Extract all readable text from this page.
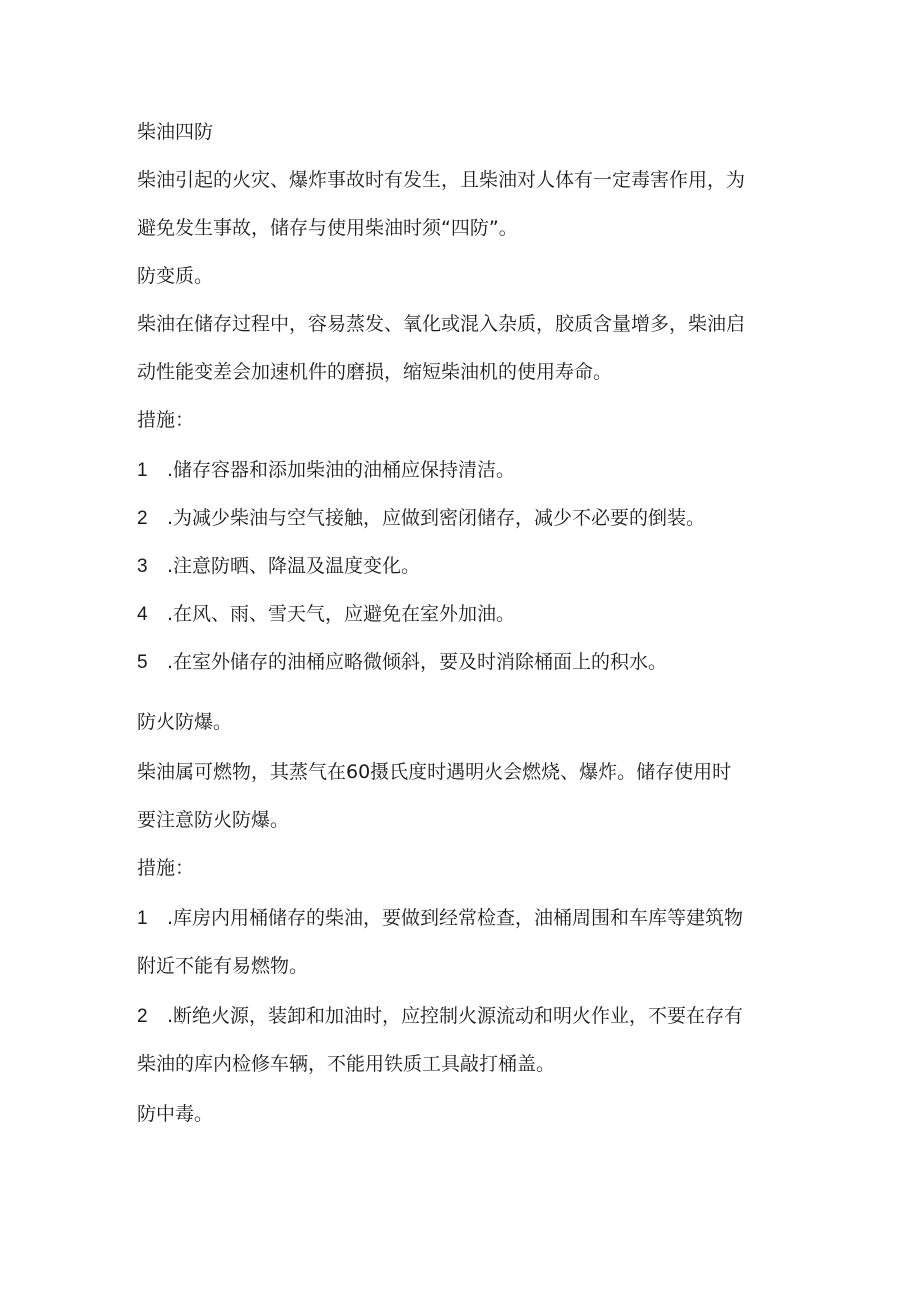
柴油四防

柴油引起的火灾、爆炸事故时有发生，且柴油对人体有一定毒害作用，为

避免发生事故，储存与使用柴油时须“四防”。

防变质。

柴油在储存过程中，容易蒸发、氧化或混入杂质，胶质含量增多，柴油启

动性能变差会加速机件的磨损，缩短柴油机的使用寿命。

措施：

1 .储存容器和添加柴油的油桶应保持清洁。

2 .为减少柴油与空气接触，应做到密闭储存，减少不必要的倒装。

3 .注意防晒、降温及温度变化。

4 .在风、雨、雪天气，应避免在室外加油。

5 .在室外储存的油桶应略微倾斜，要及时消除桶面上的积水。

防火防爆。

柴油属可燃物，其蒸气在60摄氏度时遇明火会燃烧、爆炸。储存使用时

要注意防火防爆。

措施：

1 .库房内用桶储存的柴油，要做到经常检查，油桶周围和车库等建筑物

附近不能有易燃物。

2 .断绝火源，装卸和加油时，应控制火源流动和明火作业，不要在存有

柴油的库内检修车辆，不能用铁质工具敲打桶盖。

防中毒。
